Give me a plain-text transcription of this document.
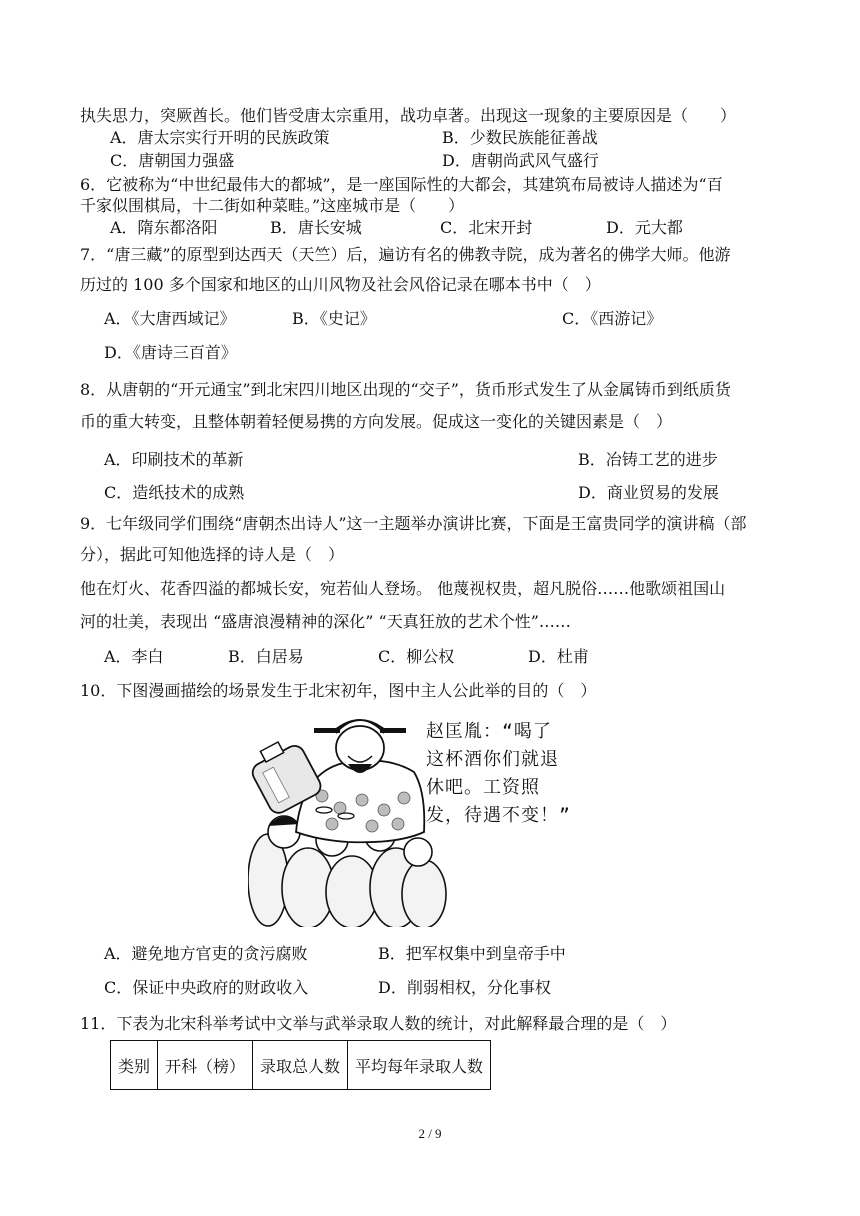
执失思力，突厥酋长。他们皆受唐太宗重用，战功卓著。出现这一现象的主要原因是（　　）
A．唐太宗实行开明的民族政策	B．少数民族能征善战
C．唐朝国力强盛	D．唐朝尚武风气盛行
6．它被称为“中世纪最伟大的都城”，是一座国际性的大都会，其建筑布局被诗人描述为“百
千家似围棋局，十二街如种菜畦。”这座城市是（　　）
A．隋东都洛阳	B．唐长安城	C．北宋开封	D．元大都
7．“唐三藏”的原型到达西天（天竺）后，遍访有名的佛教寺院，成为著名的佛学大师。他游
历过的 100 多个国家和地区的山川风物及社会风俗记录在哪本书中（　）
A．《大唐西域记》	B．《史记》	C．《西游记》
D．《唐诗三百首》
8．从唐朝的“开元通宝”到北宋四川地区出现的“交子”，货币形式发生了从金属铸币到纸质货
币的重大转变，且整体朝着轻便易携的方向发展。促成这一变化的关键因素是（　）
A．印刷技术的革新	B．冶铸工艺的进步
C．造纸技术的成熟	D．商业贸易的发展
9．七年级同学们围绕“唐朝杰出诗人”这一主题举办演讲比赛，下面是王富贵同学的演讲稿（部
分），据此可知他选择的诗人是（　）
他在灯火、花香四溢的都城长安，宛若仙人登场。 他蔑视权贵，超凡脱俗……他歌颂祖国山
河的壮美，表现出 “盛唐浪漫精神的深化” “天真狂放的艺术个性”……
A．李白	B．白居易	C．柳公权	D．杜甫
10．下图漫画描绘的场景发生于北宋初年，图中主人公此举的目的（　）
赵匡胤：“喝了
这杯酒你们就退
休吧。工资照
发，待遇不变！”
A．避免地方官吏的贪污腐败	B．把军权集中到皇帝手中
C．保证中央政府的财政收入	D．削弱相权，分化事权
11．下表为北宋科举考试中文举与武举录取人数的统计，对此解释最合理的是（　）
类别	开科（榜）	录取总人数	平均每年录取人数
2 / 9
